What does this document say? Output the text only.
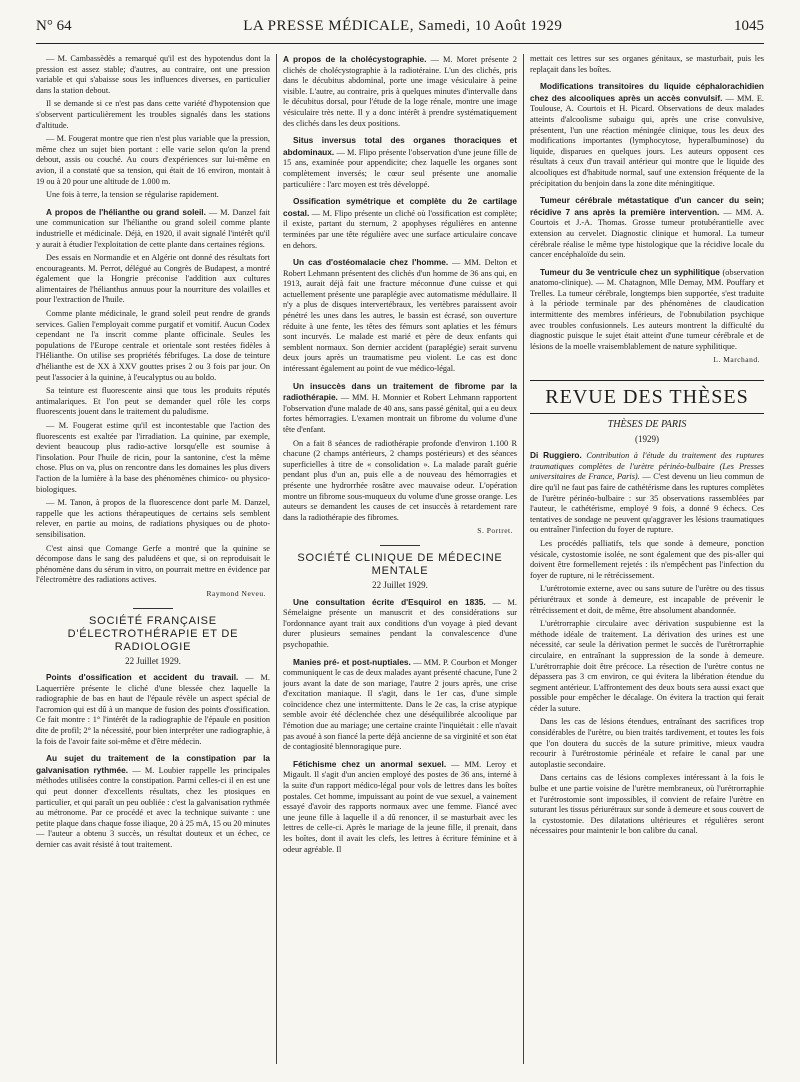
N° 64	LA PRESSE MÉDICALE, Samedi, 10 Août 1929	1045

— M. Cambassèdès a remarqué qu'il est des hypotendus dont la pression est assez stable; d'autres, au contraire, ont une pression variable et qui s'abaisse sous les influences diverses, en particulier dans la station debout.

Il se demande si ce n'est pas dans cette variété d'hypotension que s'observent particulièrement les troubles signalés dans les stations d'altitude.

— M. Fougerat montre que rien n'est plus variable que la pression, même chez un sujet bien portant : elle varie selon qu'on la prend debout, assis ou couché. Au cours d'expériences sur lui-même en avion, il a constaté que sa tension, qui était de 16 environ, montait à 19 ou à 20 pour une altitude de 1.000 m.

Une fois à terre, la tension se régularise rapidement.

A propos de l'hélianthe ou grand soleil. — M. Danzel fait une communication sur l'hélianthe ou grand soleil comme plante industrielle et médicinale. Déjà, en 1920, il avait signalé l'intérêt qu'il y aurait à étudier l'exploitation de cette plante dans certaines régions.

Des essais en Normandie et en Algérie ont donné des résultats fort encourageants. M. Perrot, délégué au Congrès de Budapest, a montré également que la Hongrie préconise l'addition aux cultures alimentaires de l'hélianthus annuus pour la nourriture des volailles et pour l'extraction de l'huile.

Comme plante médicinale, le grand soleil peut rendre de grands services. Galien l'employait comme purgatif et vomitif. Aucun Codex cependant ne l'a inscrit comme plante officinale. Seules les populations de l'Europe centrale et orientale sont restées fidèles à l'Hélianthe. On utilise ses propriétés fébrifuges. La dose de teinture d'hélianthe est de XX à XXV gouttes prises 2 ou 3 fois par jour. On peut l'associer à la quinine, à l'eucalyptus ou au boldo.

Sa teinture est fluorescente ainsi que tous les produits réputés antimalariques. Et l'on peut se demander quel rôle les corps fluorescents jouent dans le traitement du paludisme.

— M. Fougerat estime qu'il est incontestable que l'action des fluorescents est exaltée par l'irradiation. La quinine, par exemple, devient beaucoup plus radio-active lorsqu'elle est soumise à l'insolation. Pour l'huile de ricin, pour la santonine, c'est la même chose. Plus on va, plus on rencontre dans les domaines les plus divers l'action de la lumière à la base des phénomènes chimico- ou physico-biologiques.

— M. Tanon, à propos de la fluorescence dont parle M. Danzel, rappelle que les actions thérapeutiques de certains sels semblent relever, en partie au moins, de radiations physiques ou de photo-sensibilisation.

C'est ainsi que Comange Gerfe a montré que la quinine se décompose dans le sang des paludéens et que, si on reproduisait le phénomène dans du sérum in vitro, on pourrait mettre en évidence par l'électromètre des radiations actives.

Raymond Neveu.
SOCIÉTÉ FRANÇAISE D'ÉLECTROTHÉRAPIE ET DE RADIOLOGIE
22 Juillet 1929.

Points d'ossification et accident du travail. — M. Laquerrière présente le cliché d'une blessée chez laquelle la radiographie de bas en haut de l'épaule révèle un aspect spécial de l'acromion qui est dû à un manque de fusion des points d'ossification. Ce fait montre : 1° l'intérêt de la radiographie de l'épaule en position dite de profil; 2° la nécessité, pour bien interpréter une radiographie, à la fois de l'avoir faite soi-même et d'être médecin.

Au sujet du traitement de la constipation par la galvanisation rythmée. — M. Loubier rappelle les principales méthodes utilisées contre la constipation. Parmi celles-ci il en est une qui peut donner d'excellents résultats, chez les ptosiques en particulier, et qui paraît un peu oubliée : c'est la galvanisation rythmée au métronome. Par ce procédé et avec la technique suivante : une petite plaque dans chaque fosse iliaque, 20 à 25 mA, 15 ou 20 minutes — l'auteur a obtenu 3 succès, un résultat douteux et un échec, ce dernier cas avait résisté à tout traitement.

A propos de la cholécystographie. — M. Moret présente 2 clichés de cholécystographie à la radiotéraine. L'un des clichés, pris dans le décubitus abdominal, porte une image vésiculaire à peine visible. L'autre, au contraire, pris à quelques minutes d'intervalle dans le décubitus dorsal, pour l'étude de la loge rénale, montre une image vésiculaire très nette. Il y a donc intérêt à prendre systématiquement des clichés dans les deux positions.

Situs inversus total des organes thoraciques et abdominaux. — M. Flipo présente l'observation d'une jeune fille de 15 ans, examinée pour appendicite; chez laquelle les organes sont complètement inversés; le cœur seul présente une anomalie particulière : l'arc moyen est très développé.

Ossification symétrique et complète du 2e cartilage costal. — M. Flipo présente un cliché où l'ossification est complète; il existe, partant du sternum, 2 apophyses régulières en antenne terminées par une tête régulière avec une surface articulaire concave en dehors.

Un cas d'ostéomalacie chez l'homme. — MM. Delton et Robert Lehmann présentent des clichés d'un homme de 36 ans qui, en 1913, aurait déjà fait une fracture méconnue d'une cuisse et qui actuellement présente une paraplégie avec automatisme médullaire. Il n'y a plus de disques intervertébraux, les vertèbres paraissent avoir pénétré les unes dans les autres, le bassin est écrasé, son ouverture réduite à une fente, les têtes des fémurs sont aplaties et les fémurs sont incurvés. Le malade est marié et père de deux enfants qui semblent normaux. Son dernier accident (paraplégie) serait survenu deux jours après un traumatisme peu violent. Le cas est donc intéressant également au point de vue médico-légal.

Un insuccès dans un traitement de fibrome par la radiothérapie. — MM. H. Monnier et Robert Lehmann rapportent l'observation d'une malade de 40 ans, sans passé génital, qui a eu deux fortes hémorragies. L'examen montrait un fibrome du volume d'une tête d'enfant.

On a fait 8 séances de radiothérapie profonde d'environ 1.100 R chacune (2 champs antérieurs, 2 champs postérieurs) et des séances superficielles à titre de « consolidation ». La malade paraît guérie pendant plus d'un an, puis elle a de nouveau des hémorragies et présente une hydrorrhée rosâtre avec mauvaise odeur. L'opération montre un fibrome sous-muqueux du volume d'une grosse orange. Les auteurs se demandent les causes de cet insuccès à retardement rare dans la radiothérapie des fibromes.

S. Portret.
SOCIÉTÉ CLINIQUE DE MÉDECINE MENTALE
22 Juillet 1929.

Une consultation écrite d'Esquirol en 1835. — M. Sémelaigne présente un manuscrit et des considérations sur l'ordonnance ayant trait aux conditions d'un voyage à pied devant durer plusieurs semaines pendant la convalescence d'une psychopathie.

Manies pré- et post-nuptiales. — MM. P. Courbon et Monger communiquent le cas de deux malades ayant présenté chacune, l'une 2 jours avant la date de son mariage, l'autre 2 jours après, une crise d'excitation maniaque. Il s'agit, dans le 1er cas, d'une simple coïncidence chez une intermittente. Dans le 2e cas, la crise atypique semble avoir été déclenchée chez une déséquilibrée alcoolique par l'émotion due au mariage; une certaine crainte l'inquiétait : elle n'avait pas avoué à son fiancé la perte déjà ancienne de sa virginité et son état de contagiosité blennoragique pure.

Fétichisme chez un anormal sexuel. — MM. Leroy et Migault. Il s'agit d'un ancien employé des postes de 36 ans, interné à la suite d'un rapport médico-légal pour vols de lettres dans les boîtes postales. Cet homme, impuissant au point de vue sexuel, a vainement essayé d'avoir des rapports normaux avec une femme. Fiancé avec une jeune fille à laquelle il a dû renoncer, il se masturbait avec les lettres de celle-ci. Après le mariage de la jeune fille, il prenait, dans les boîtes, dont il avait les clefs, les lettres à écriture féminine et à odeur agréable. Il

mettait ces lettres sur ses organes génitaux, se masturbait, puis les replaçait dans les boîtes.

Modifications transitoires du liquide céphalorachidien chez des alcooliques après un accès convulsif. — MM. E. Toulouse, A. Courtois et H. Picard. Observations de deux malades atteints d'alcoolisme subaigu qui, après une crise convulsive, présentent, l'un une réaction méningée clinique, tous les deux des modifications importantes (lymphocytose, hyperalbuminose) du liquide, disparues en quelques jours. Les auteurs opposent ces résultats à ceux d'un travail antérieur qui montre que le liquide des alcooliques est d'habitude normal, sauf une extension fréquente de la précipitation du benjoin dans la zone dite méningitique.

Tumeur cérébrale métastatique d'un cancer du sein; récidive 7 ans après la première intervention. — MM. A. Courtois et J.-A. Thomas. Grosse tumeur protubérantielle avec extension au cervelet. Diagnostic clinique et humoral. La tumeur cérébrale réalise le même type histologique que la récidive locale du cancer encéphaloïde du sein.

Tumeur du 3e ventricule chez un syphilitique (observation anatomo-clinique). — M. Chatagnon, Mlle Demay, MM. Pouffary et Trelles. La tumeur cérébrale, longtemps bien supportée, s'est traduite à la période terminale par des phénomènes de claudication intermittente des membres inférieurs, de l'obnubilation psychique avec troubles confusionnels. Les auteurs montrent la difficulté du diagnostic puisque le sujet était atteint d'une tumeur cérébrale et de lésions de la moelle vraisemblablement de nature syphilitique.

L. Marchand.
REVUE DES THÈSES
THÈSES DE PARIS
(1929)

Di Ruggiero. Contribution à l'étude du traitement des ruptures traumatiques complètes de l'urètre périnéo-bulbaire (Les Presses universitaires de France, Paris). — C'est devenu un lieu commun de dire qu'il ne faut pas faire de cathétérisme dans les ruptures complètes de l'urètre périnéo-bulbaire : sur 35 observations rassemblées par l'auteur, le cathétérisme, employé 9 fois, a donné 9 échecs. Ces tentatives de sondage ne peuvent qu'aggraver les lésions traumatiques ou entraîner l'infection du foyer de rupture.

Les procédés palliatifs, tels que sonde à demeure, ponction vésicale, cystostomie isolée, ne sont également que des pis-aller qui doivent être formellement rejetés : ils n'empêchent pas l'infection du foyer de rupture, ni le rétrécissement.

L'urétrotomie externe, avec ou sans suture de l'urètre ou des tissus périurétraux et sonde à demeure, est incapable de prévenir le rétrécissement et doit, de même, être absolument abandonnée.

L'urétrorraphie circulaire avec dérivation suspubienne est la méthode idéale de traitement. La dérivation des urines est une nécessité, car seule la dérivation permet le succès de l'urétrorraphie circulaire, en entraînant la suppression de la sonde à demeure. L'urétrorraphie doit être précoce. La résection de l'urètre contus ne dépassera pas 3 cm environ, ce qui évitera la libération étendue du segment antérieur. L'affrontement des deux bouts sera aussi exact que possible pour empêcher le décalage. On évitera la traction qui ferait céder la suture.

Dans les cas de lésions étendues, entraînant des sacrifices trop considérables de l'urètre, ou bien traités tardivement, et toutes les fois que l'on doutera du succès de la suture primitive, mieux vaudra recourir à l'urétrostomie périnéale et refaire le canal par une autoplastie secondaire.

Dans certains cas de lésions complexes intéressant à la fois le bulbe et une partie voisine de l'urètre membraneux, où l'urétrorraphie et l'urétrostomie sont impossibles, il convient de refaire l'urètre en suturant les tissus périurétraux sur sonde à demeure et sous couvert de la cystostomie. Des dilatations ultérieures et régulières seront nécessaires pour maintenir le bon calibre du canal.
